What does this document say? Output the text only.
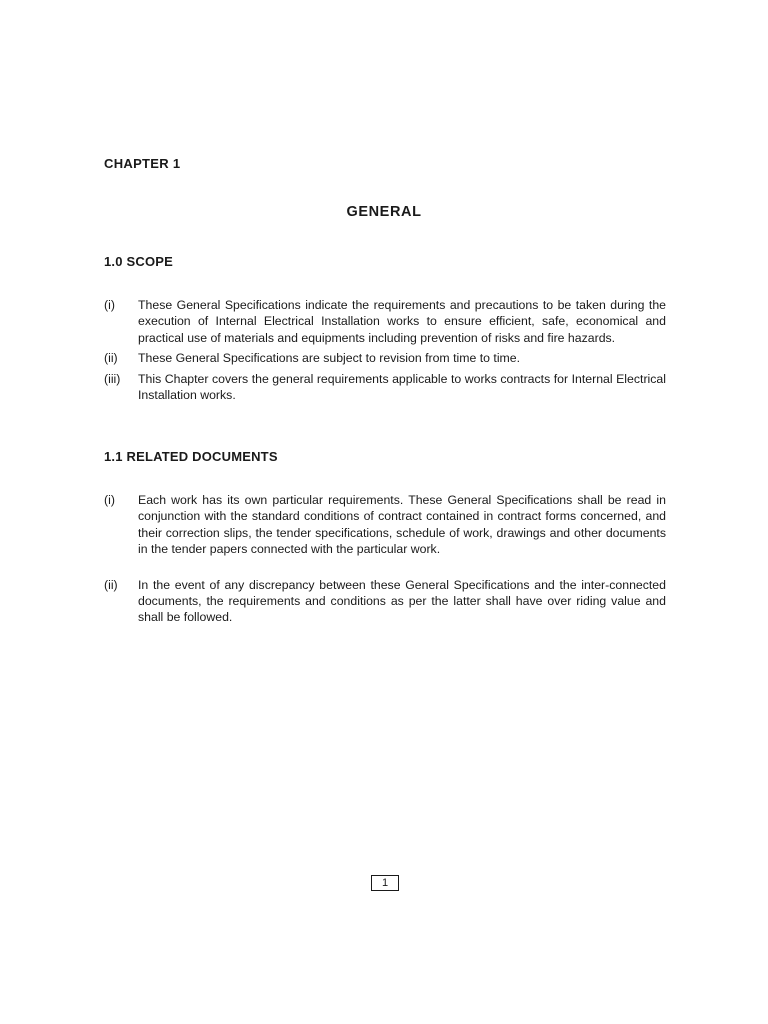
CHAPTER 1
GENERAL
1.0 SCOPE
(i)	These General Specifications indicate the requirements and precautions to be taken during the execution of Internal Electrical Installation works to ensure efficient, safe, economical and practical use of materials and equipments including prevention of risks and fire hazards.
(ii)	These General Specifications are subject to revision from time to time.
(iii)	This Chapter covers the general requirements applicable to works contracts for Internal Electrical Installation works.
1.1 RELATED DOCUMENTS
(i)	Each work has its own particular requirements. These General Specifications shall be read in conjunction with the standard conditions of contract contained in contract forms concerned, and their correction slips, the tender specifications, schedule of work, drawings and other documents in the tender papers connected with the particular work.
(ii)	In the event of any discrepancy between these General Specifications and the inter-connected documents, the requirements and conditions as per the latter shall have over riding value and shall be followed.
1
